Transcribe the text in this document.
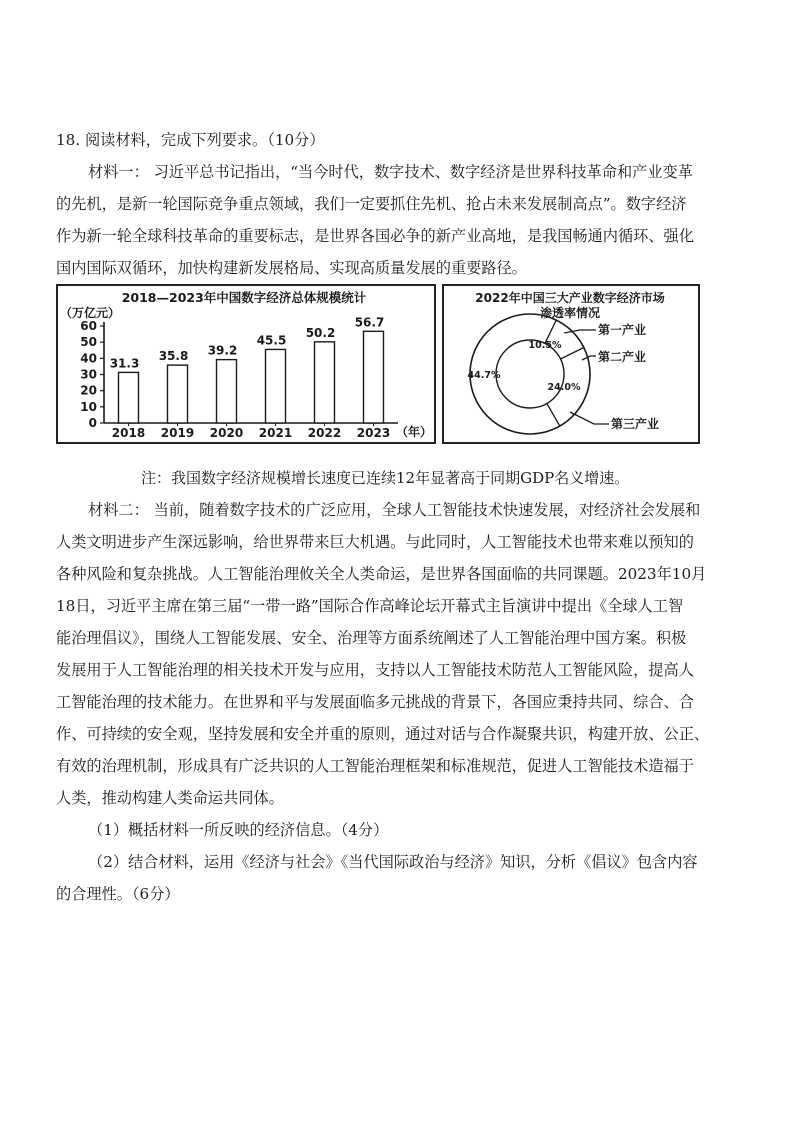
18. 阅读材料，完成下列要求。（10分）
材料一： 习近平总书记指出，“当今时代，数字技术、数字经济是世界科技革命和产业变革
的先机，是新一轮国际竞争重点领域，我们一定要抓住先机、抢占未来发展制高点”。数字经济
作为新一轮全球科技革命的重要标志，是世界各国必争的新产业高地，是我国畅通内循环、强化
国内国际双循环，加快构建新发展格局、实现高质量发展的重要路径。
2018—2023年中国数字经济总体规模统计
（万亿元）
（年）
0
10
20
30
40
50
60
31.3
2018
35.8
2019
39.2
2020
45.5
2021
50.2
2022
56.7
2023
2022年中国三大产业数字经济市场
渗透率情况
10.5%
24.0%
44.7%
第一产业
第二产业
第三产业
注：我国数字经济规模增长速度已连续12年显著高于同期GDP名义增速。
材料二： 当前，随着数字技术的广泛应用，全球人工智能技术快速发展，对经济社会发展和
人类文明进步产生深远影响，给世界带来巨大机遇。与此同时，人工智能技术也带来难以预知的
各种风险和复杂挑战。人工智能治理攸关全人类命运，是世界各国面临的共同课题。2023年10月
18日，习近平主席在第三届“一带一路”国际合作高峰论坛开幕式主旨演讲中提出《全球人工智
能治理倡议》，围绕人工智能发展、安全、治理等方面系统阐述了人工智能治理中国方案。积极
发展用于人工智能治理的相关技术开发与应用，支持以人工智能技术防范人工智能风险，提高人
工智能治理的技术能力。在世界和平与发展面临多元挑战的背景下，各国应秉持共同、综合、合
作、可持续的安全观，坚持发展和安全并重的原则，通过对话与合作凝聚共识，构建开放、公正、
有效的治理机制，形成具有广泛共识的人工智能治理框架和标准规范，促进人工智能技术造福于
人类，推动构建人类命运共同体。
（1）概括材料一所反映的经济信息。（4分）
（2）结合材料，运用《经济与社会》《当代国际政治与经济》知识，分析《倡议》包含内容
的合理性。（6分）
